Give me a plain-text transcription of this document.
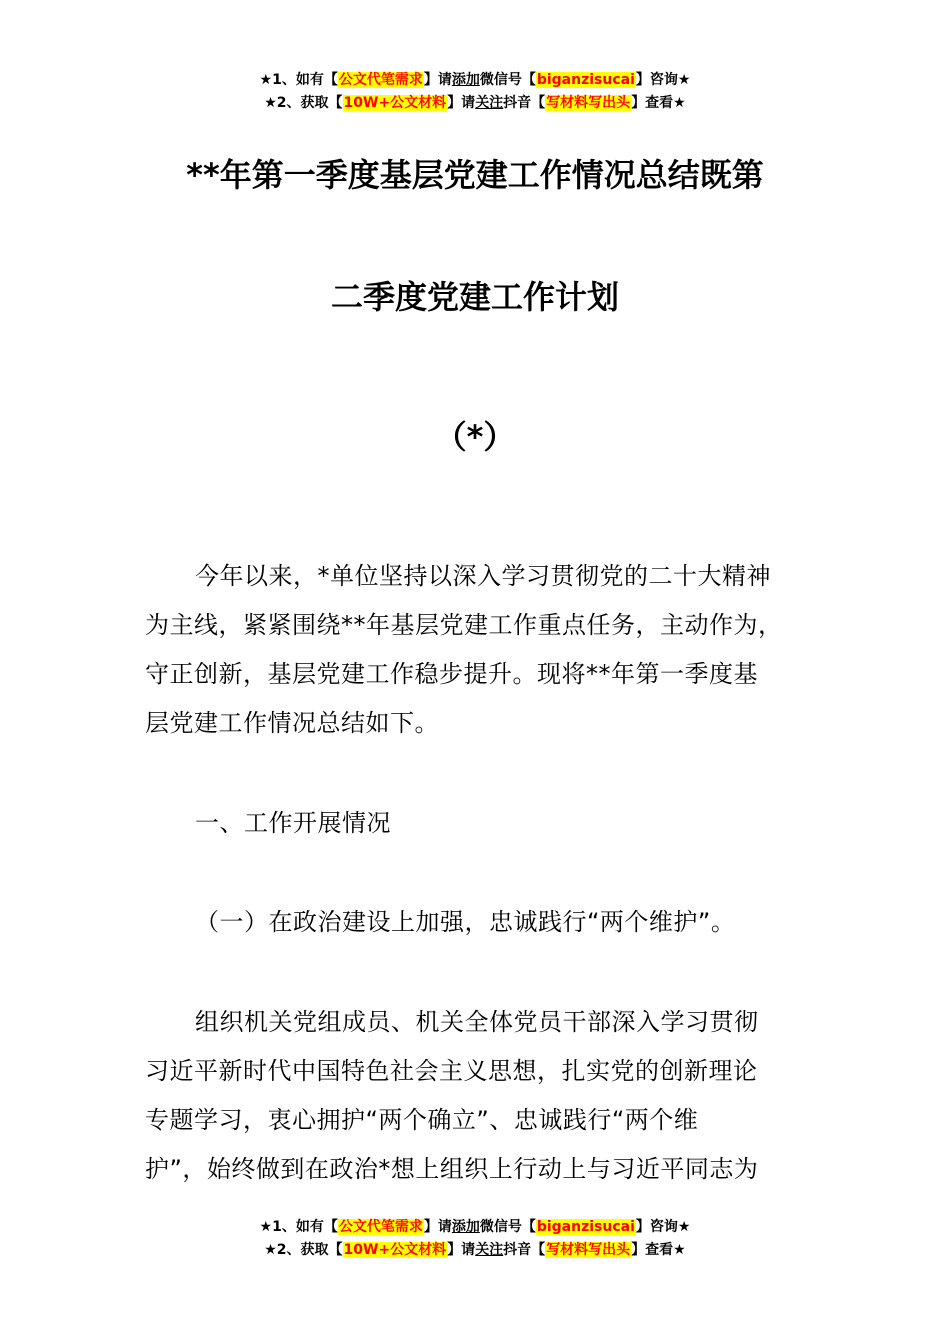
★1、如有【公文代笔需求】请添加微信号【biganzisucai】咨询★
★2、获取【10W+公文材料】请关注抖音【写材料写出头】查看★
**年第一季度基层党建工作情况总结既第
二季度党建工作计划
（*）
今年以来，*单位坚持以深入学习贯彻党的二十大精神
为主线，紧紧围绕**年基层党建工作重点任务，主动作为，
守正创新，基层党建工作稳步提升。现将**年第一季度基
层党建工作情况总结如下。
一、工作开展情况
（一）在政治建设上加强，忠诚践行“两个维护”。
组织机关党组成员、机关全体党员干部深入学习贯彻
习近平新时代中国特色社会主义思想，扎实党的创新理论
专题学习，衷心拥护“两个确立”、忠诚践行“两个维
护”，始终做到在政治*想上组织上行动上与习近平同志为
★1、如有【公文代笔需求】请添加微信号【biganzisucai】咨询★
★2、获取【10W+公文材料】请关注抖音【写材料写出头】查看★
